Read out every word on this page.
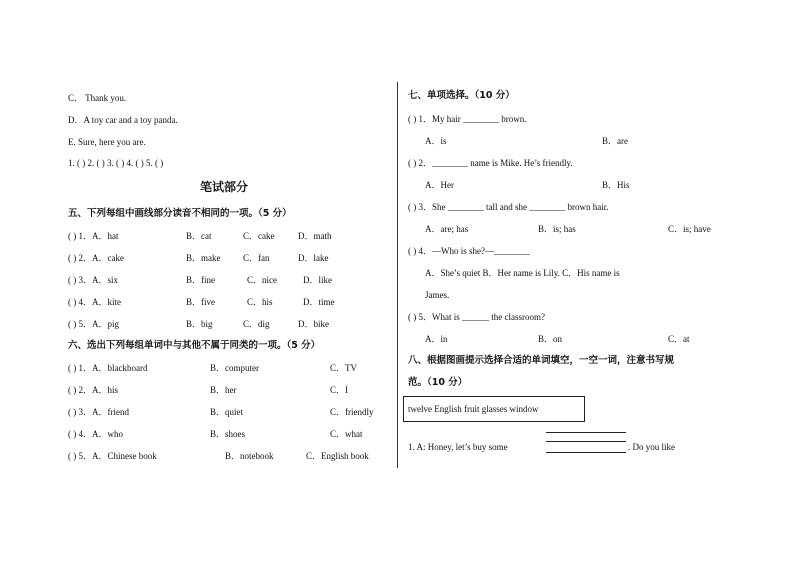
C． Thank you.
D．A toy car and a toy panda.
E. Sure, here you are.
1. ( ) 2. ( ) 3. ( ) 4. ( ) 5. ( )
笔试部分
五、下列每组中画线部分读音不相同的一项。（5 分）
( ) 1．A．hat	B．cat	C．cake	D．math
( ) 2．A．cake	B．make	C．fan	D．lake
( ) 3．A．six	B．fine	C．nice	D．like
( ) 4．A．kite	B．five	C．his	D．time
( ) 5．A．pig	B．big	C．dig	D．bike
六、选出下列每组单词中与其他不属于同类的一项。（5 分）
( ) 1．A．blackboard	B．computer	C．TV
( ) 2．A．his	B．her	C．I
( ) 3．A．friend	B．quiet	C．friendly
( ) 4．A．who	B．shoes	C．what
( ) 5．A．Chinese book	B．notebook	C．English book
七、单项选择。（10 分）
( ) 1．My hair ________ brown.
A．is	B．are
( ) 2．________ name is Mike. He’s friendly.
A．Her	B．His
( ) 3．She ________ tall and she ________ brown hair.
A．are; has	B．is; has	C．is; have
( ) 4．—Who is she?—________
A．She’s quiet B．Her name is Lily. C．His name is
James.
( ) 5．What is ______ the classroom?
A．in	B．on	C．at
八、根据图画提示选择合适的单词填空，一空一词，注意书写规
范。（10 分）
twelve English fruit glasses window
1. A: Honey, let’s buy some	. Do you like
